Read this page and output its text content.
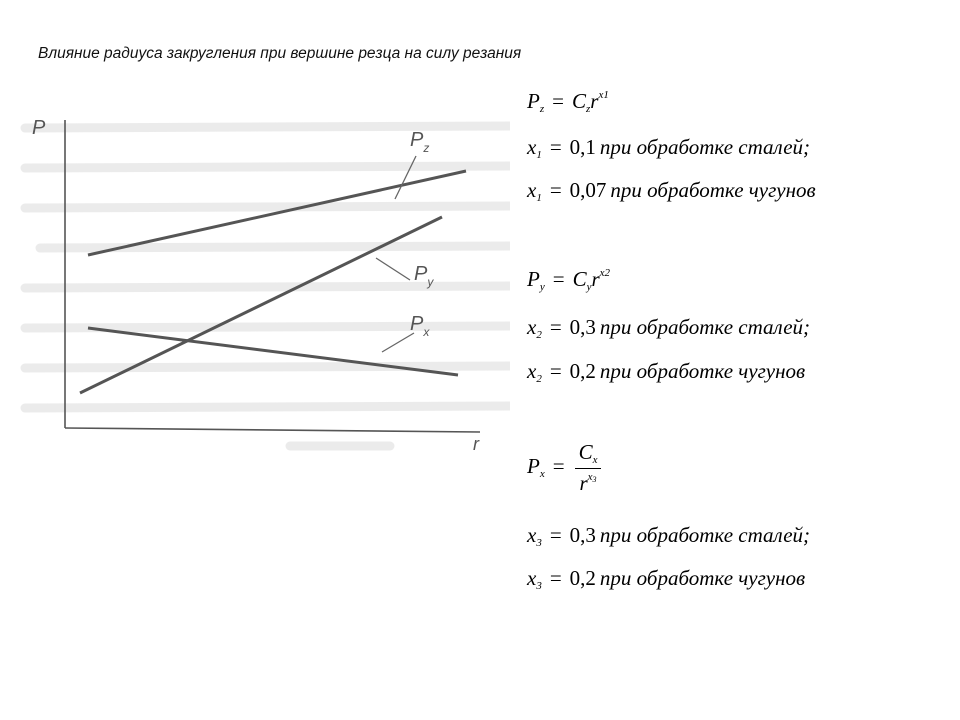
Влияние радиуса закругления при вершине резца на силу резания
P
r
$P_z$
$P_y$
$P_x$
$P_z = C_zr^{x1}$
$x_1 = 0,1$ при обработке сталей;
$x_1 = 0,07$ при обработке чугунов
$P_y = C_yr^{x2}$
$x_2 = 0,3$ при обработке сталей;
$x_2 = 0,2$ при обработке чугунов
$P_x = \frac{C_x}{r^{x_3}}$
$x_3 = 0,3$ при обработке сталей;
$x_3 = 0,2$ при обработке чугунов
